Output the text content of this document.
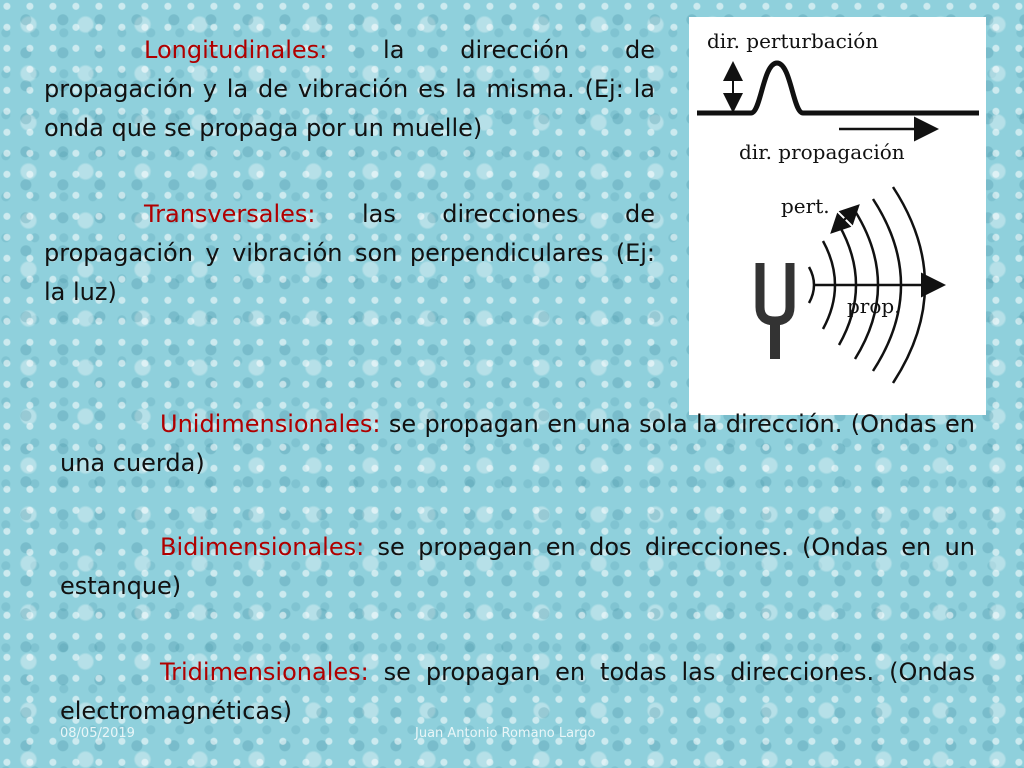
Longitudinales: la dirección de propagación y la de vibración es la misma. (Ej: la onda que se propaga por un muelle)

Transversales: las direcciones de propagación y vibración son perpendiculares (Ej: la luz)

dir. perturbación
dir. propagación
pert.
prop.

Unidimensionales: se propagan en una sola la dirección. (Ondas en una cuerda)

Bidimensionales: se propagan en dos direcciones. (Ondas en un estanque)

Tridimensionales: se propagan en todas las direcciones. (Ondas electromagnéticas)

08/05/2019	Juan Antonio Romano Largo
